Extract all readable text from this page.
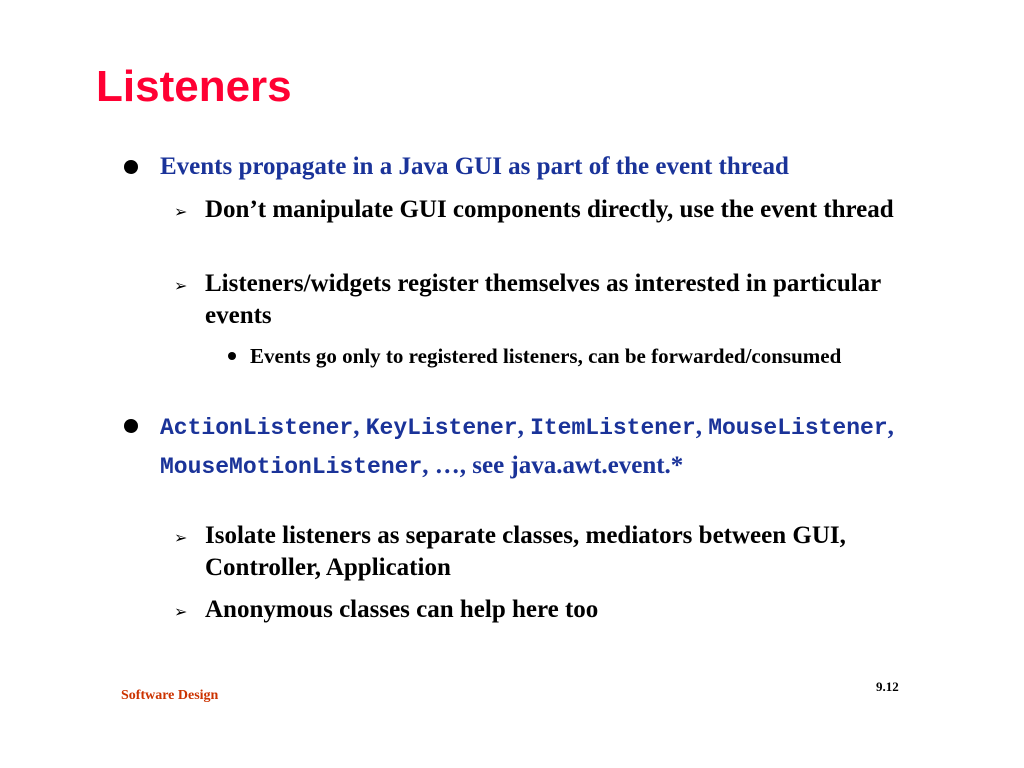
Listeners
Events propagate in a Java GUI as part of the event thread
➢ Don’t manipulate GUI components directly, use the event thread
➢ Listeners/widgets register themselves as interested in particular events
Events go only to registered listeners, can be forwarded/consumed
ActionListener, KeyListener, ItemListener, MouseListener, MouseMotionListener, …, see java.awt.event.*
➢ Isolate listeners as separate classes, mediators between GUI, Controller, Application
➢ Anonymous classes can help here too
Software Design
9.12
